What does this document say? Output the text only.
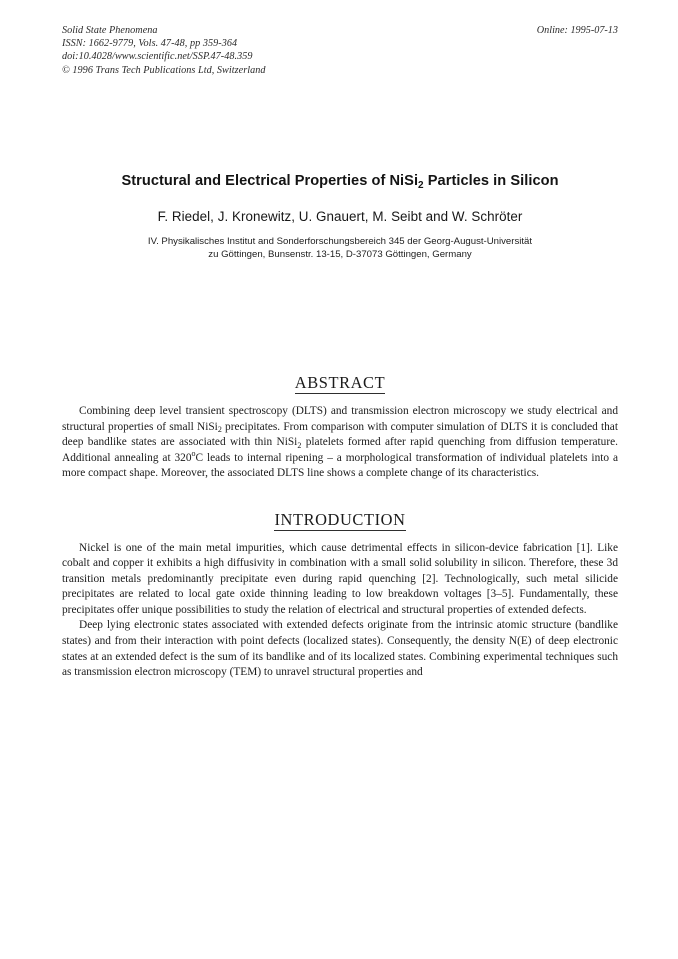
Solid State Phenomena
ISSN: 1662-9779, Vols. 47-48, pp 359-364
doi:10.4028/www.scientific.net/SSP.47-48.359
© 1996 Trans Tech Publications Ltd, Switzerland
Online: 1995-07-13
Structural and Electrical Properties of NiSi$_2$ Particles in Silicon
F. Riedel, J. Kronewitz, U. Gnauert, M. Seibt and W. Schröter
IV. Physikalisches Institut and Sonderforschungsbereich 345 der Georg-August-Universität
zu Göttingen, Bunsenstr. 13-15, D-37073 Göttingen, Germany
ABSTRACT

Combining deep level transient spectroscopy (DLTS) and transmission electron microscopy we study electrical and structural properties of small NiSi$_2$ precipitates. From comparison with computer simulation of DLTS it is concluded that deep bandlike states are associated with thin NiSi$_2$ platelets formed after rapid quenching from diffusion temperature. Additional annealing at 320$^o$C leads to internal ripening – a morphological transformation of individual platelets into a more compact shape. Moreover, the associated DLTS line shows a complete change of its characteristics.

INTRODUCTION

Nickel is one of the main metal impurities, which cause detrimental effects in silicon-device fabrication [1]. Like cobalt and copper it exhibits a high diffusivity in combination with a small solid solubility in silicon. Therefore, these 3d transition metals predominantly precipitate even during rapid quenching [2]. Technologically, such metal silicide precipitates are related to local gate oxide thinning leading to low breakdown voltages [3–5]. Fundamentally, these precipitates offer unique possibilities to study the relation of electrical and structural properties of extended defects.

Deep lying electronic states associated with extended defects originate from the intrinsic atomic structure (bandlike states) and from their interaction with point defects (localized states). Consequently, the density N(E) of deep electronic states at an extended defect is the sum of its bandlike and of its localized states. Combining experimental techniques such as transmission electron microscopy (TEM) to unravel structural properties and
